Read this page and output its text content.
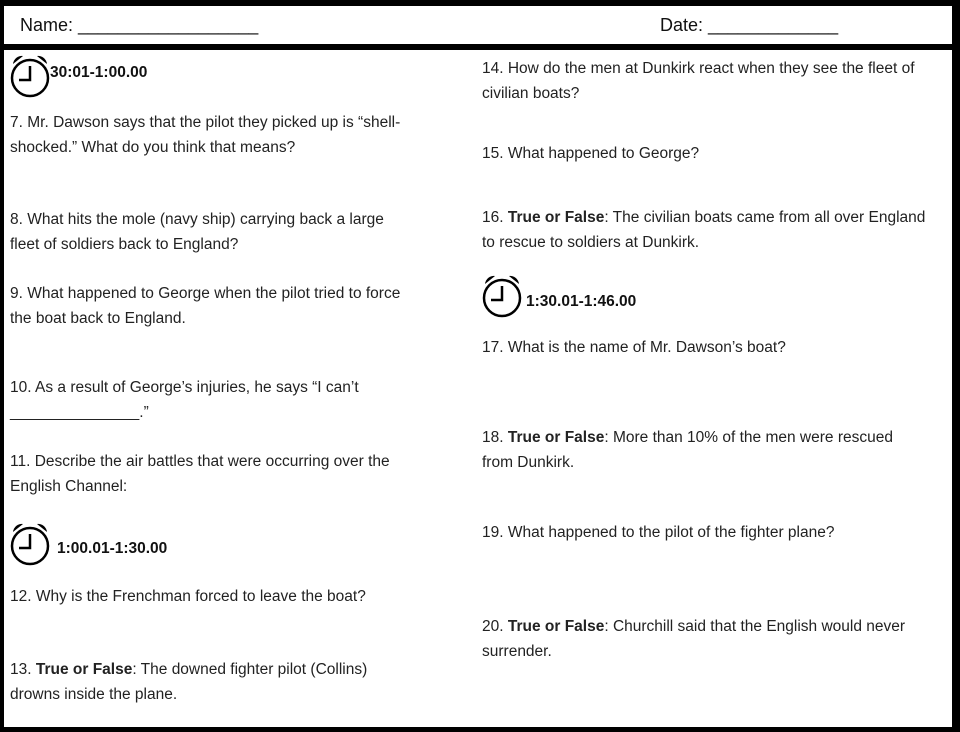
Name: __________________	Date: _____________
30:01-1:00.00
7. Mr. Dawson says that the pilot they picked up is “shell-
shocked.” What do you think that means?
8. What hits the mole (navy ship) carrying back a large
fleet of soldiers back to England?
9. What happened to George when the pilot tried to force
the boat back to England.
10. As a result of George’s injuries, he says “I can’t
_______________.”
11. Describe the air battles that were occurring over the
English Channel:
1:00.01-1:30.00
12. Why is the Frenchman forced to leave the boat?
13. True or False: The downed fighter pilot (Collins)
drowns inside the plane.
14. How do the men at Dunkirk react when they see the fleet of
civilian boats?
15. What happened to George?
16. True or False: The civilian boats came from all over England
to rescue to soldiers at Dunkirk.
1:30.01-1:46.00
17. What is the name of Mr. Dawson’s boat?
18. True or False: More than 10% of the men were rescued
from Dunkirk.
19. What happened to the pilot of the fighter plane?
20. True or False: Churchill said that the English would never
surrender.
